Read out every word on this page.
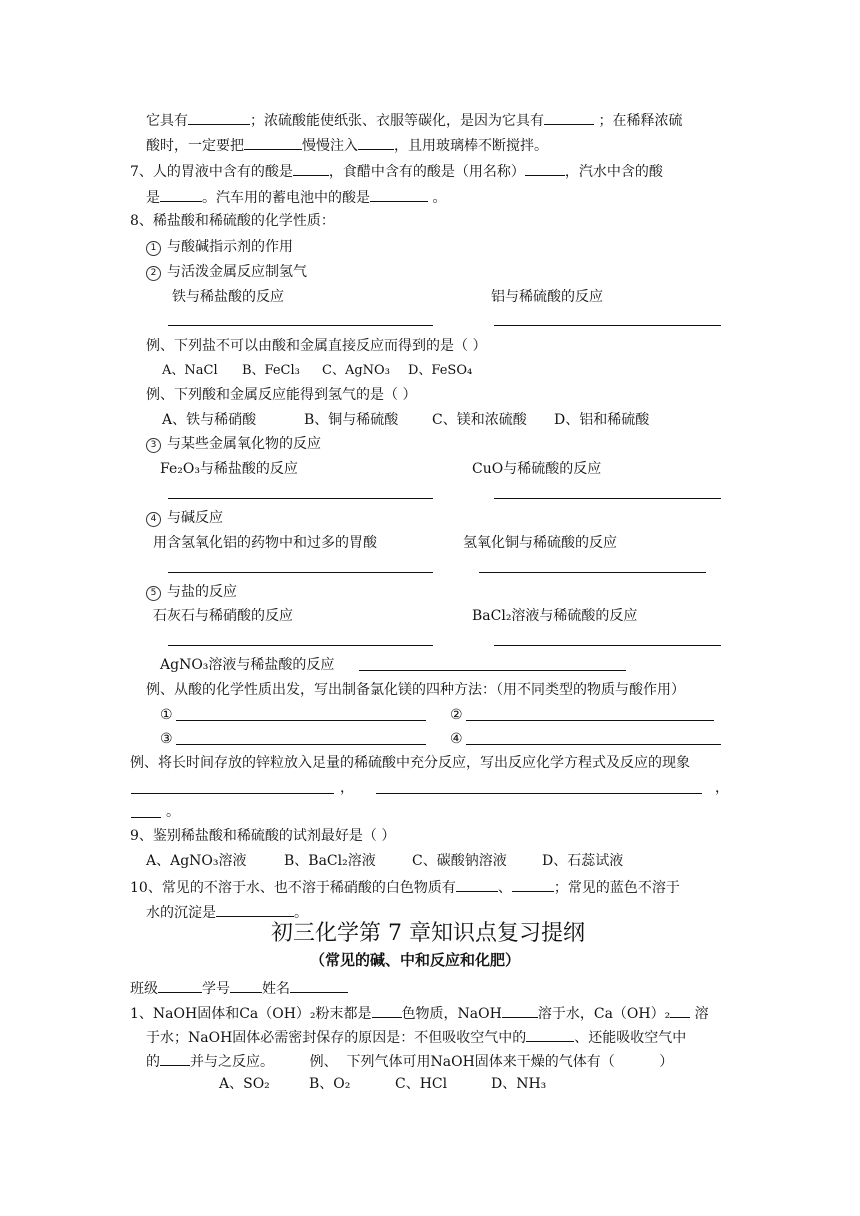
它具有	；浓硫酸能使纸张、衣服等碳化，是因为它具有	；在稀释浓硫
酸时，一定要把	慢慢注入	，且用玻璃棒不断搅拌。
7、人的胃液中含有的酸是	，食醋中含有的酸是（用名称）	，汽水中含的酸
是	。汽车用的蓄电池中的酸是	。
8、稀盐酸和稀硫酸的化学性质：
1 与酸碱指示剂的作用
2 与活泼金属反应制氢气
铁与稀盐酸的反应	铝与稀硫酸的反应
例、下列盐不可以由酸和金属直接反应而得到的是（ ）
A、NaCl B、FeCl₃ C、AgNO₃ D、FeSO₄
例、下列酸和金属反应能得到氢气的是（ ）
A、铁与稀硝酸	B、铜与稀硫酸 C、镁和浓硫酸 D、铝和稀硫酸
3 与某些金属氧化物的反应
Fe₂O₃与稀盐酸的反应	CuO与稀硫酸的反应
4 与碱反应
用含氢氧化铝的药物中和过多的胃酸	氢氧化铜与稀硫酸的反应
5 与盐的反应
石灰石与稀硝酸的反应	BaCl₂溶液与稀硫酸的反应
AgNO₃溶液与稀盐酸的反应
例、从酸的化学性质出发，写出制备氯化镁的四种方法：（用不同类型的物质与酸作用）
①	②
③	④
例、将长时间存放的锌粒放入足量的稀硫酸中充分反应，写出反应化学方程式及反应的现象
，	，
。
9、鉴别稀盐酸和稀硫酸的试剂最好是（ ）
A、AgNO₃溶液	B、BaCl₂溶液	C、碳酸钠溶液	D、石蕊试液
10、常见的不溶于水、也不溶于稀硝酸的白色物质有	、	；常见的蓝色不溶于
水的沉淀是	。
初三化学第 7 章知识点复习提纲
（常见的碱、中和反应和化肥）
班级	学号 姓名
1、NaOH固体和Ca（OH）₂粉末都是 色物质，NaOH	溶于水，Ca（OH）₂ 溶
于水；NaOH固体必需密封保存的原因是：不但吸收空气中的	、还能吸收空气中
的 并与之反应。        例、  下列气体可用NaOH固体来干燥的气体有（          ）
A、SO₂	B、O₂	C、HCl	D、NH₃
